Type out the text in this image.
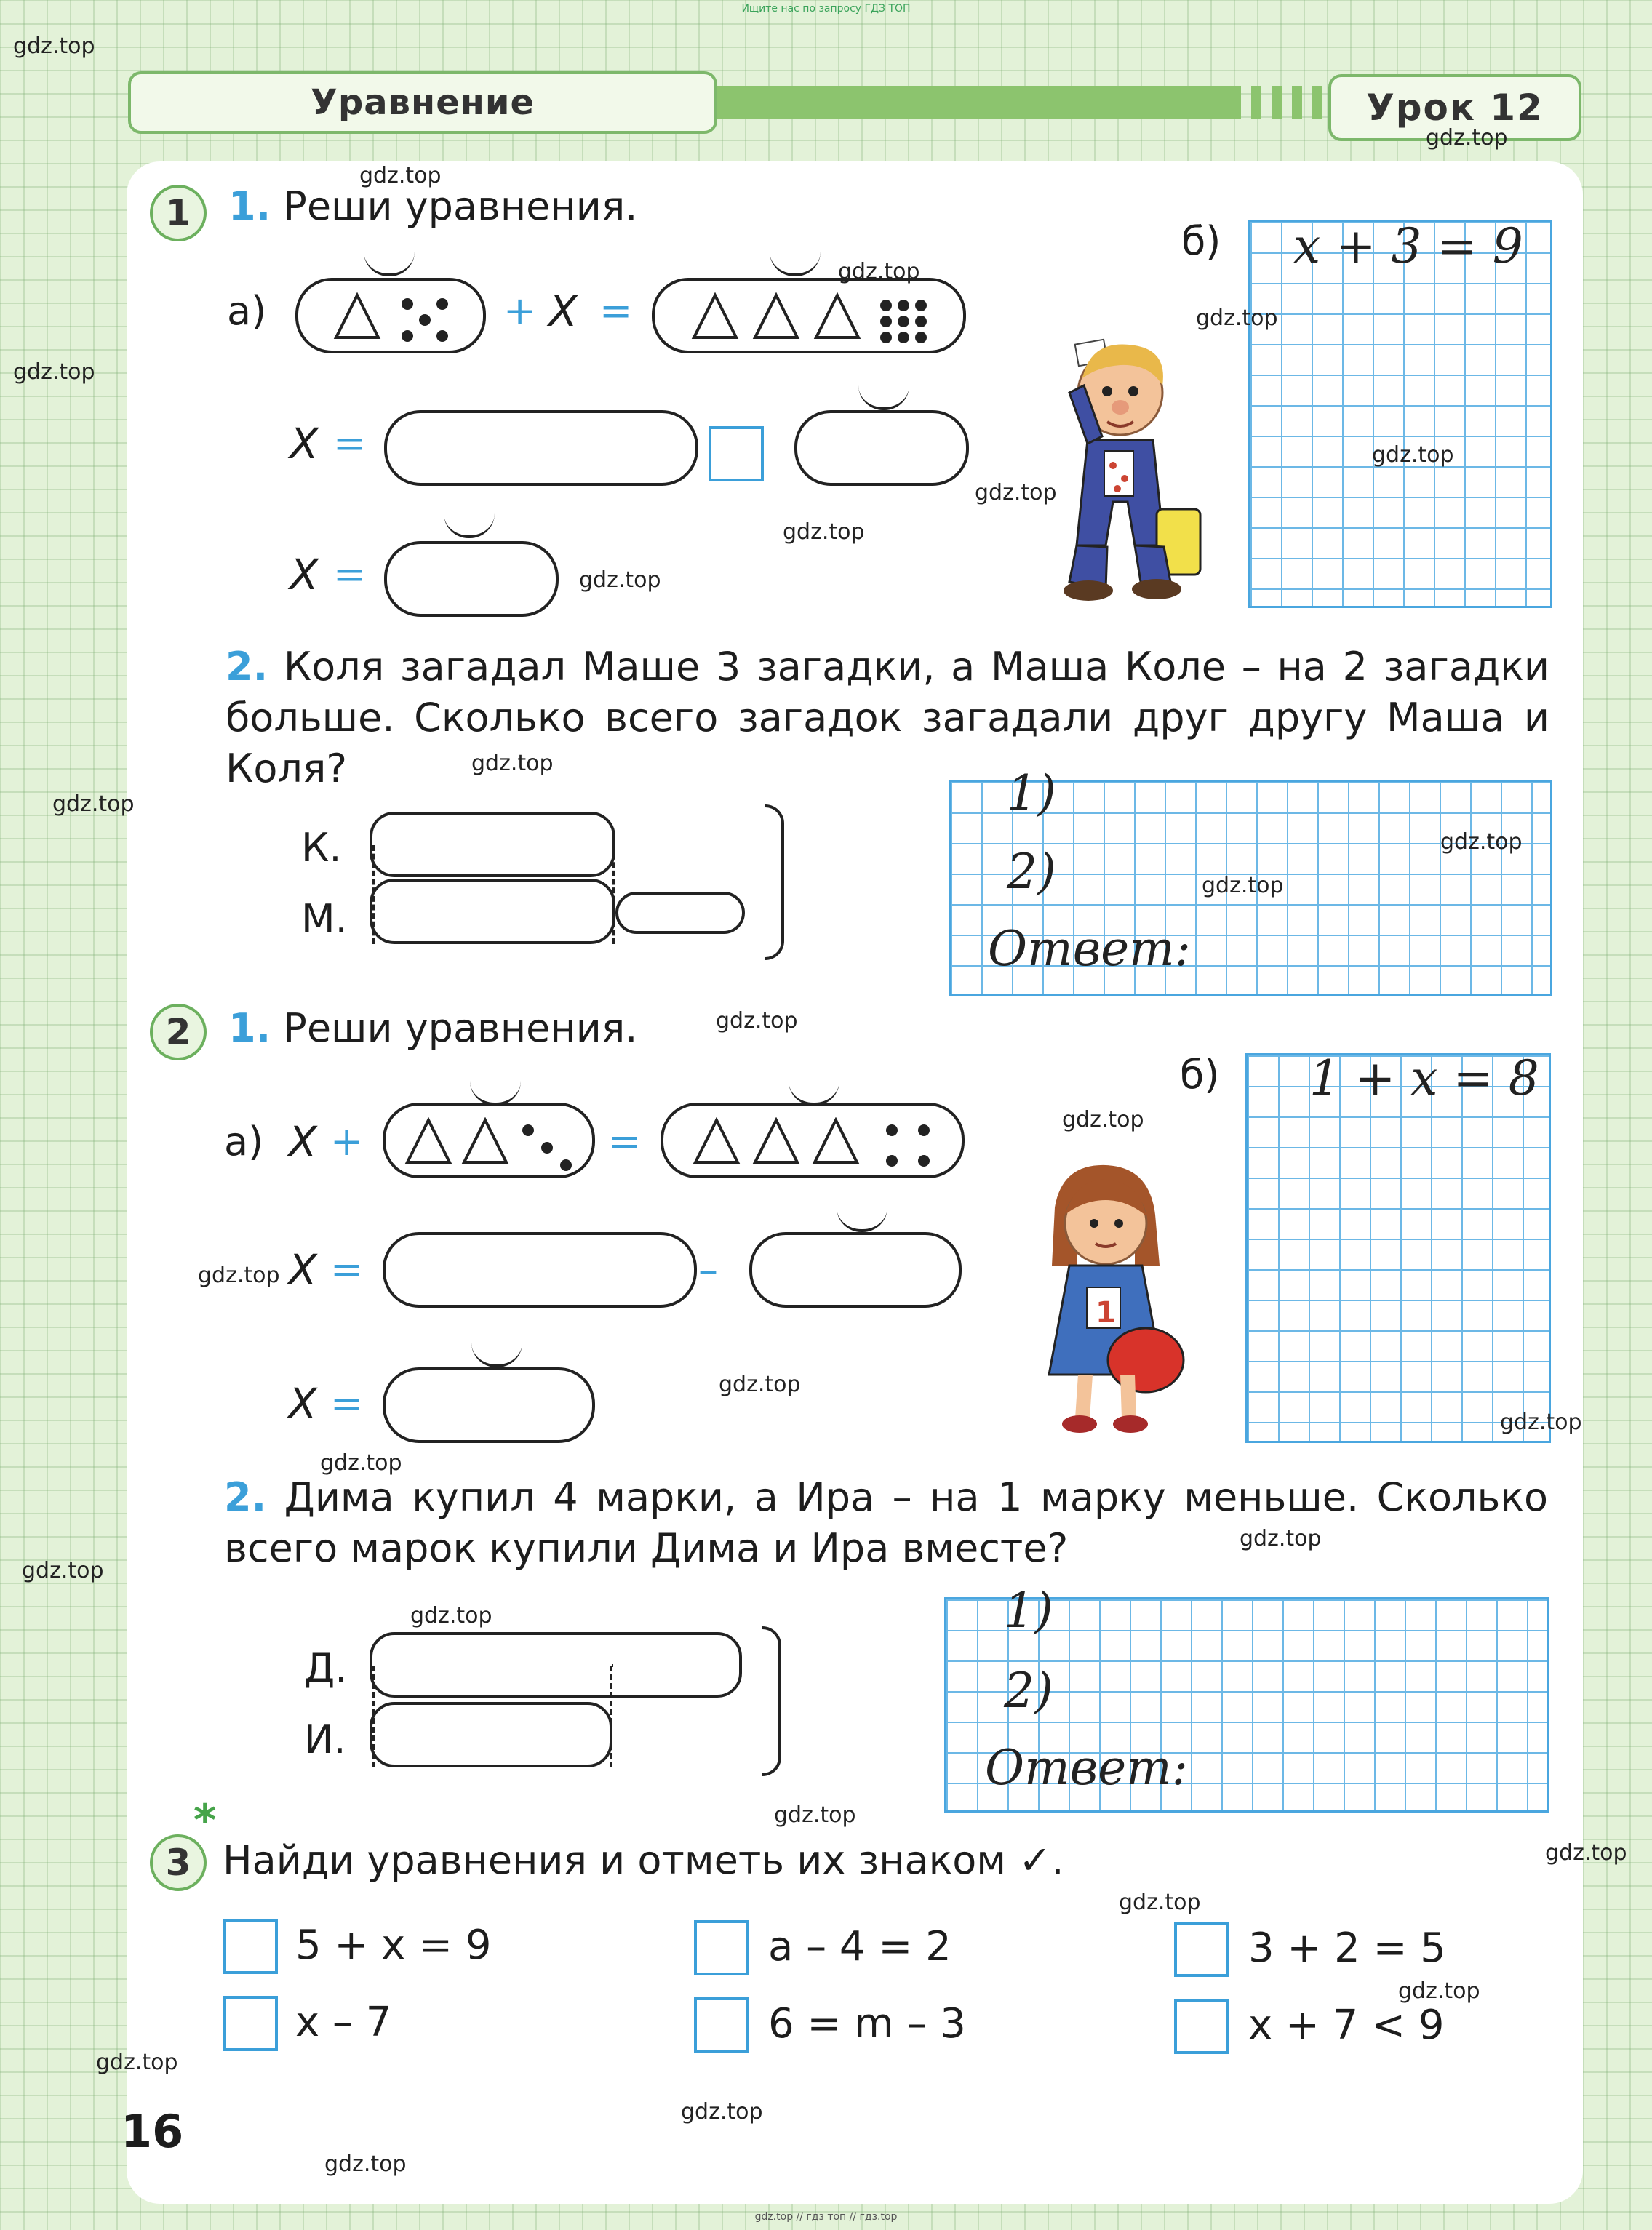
Ищите нас по запросу ГДЗ ТОП
Уравнение	Урок 12
1 1. Реши уравнения.
а)	+ X =
X =
X =
б) 𝑥 + 3 = 9
2. Коля загадал Маше 3 загадки, а Маша Коле – на 2 загадки больше. Сколько всего загадок загадали друг другу Маша и Коля?
К.
М.
1)
2)
Ответ:
2 1. Реши уравнения.
а) X +	=
X =	–
X =
1
б) 1 + 𝑥 = 8
2. Дима купил 4 марки, а Ира – на 1 марку меньше. Сколько всего марок купили Дима и Ира вместе?
Д.
И.
1)
2)
Ответ:
3
*
Найди уравнения и отметь их знаком ✓.
5 + x = 9	a – 4 = 2	3 + 2 = 5
x – 7	6 = m – 3	x + 7 < 9
16
gdz.top
gdz.top
gdz.top
gdz.top
gdz.top
gdz.top
gdz.top
gdz.top
gdz.top
gdz.top
gdz.top
gdz.top
gdz.top
gdz.top
gdz.top
gdz.top
gdz.top
gdz.top
gdz.top
gdz.top
gdz.top
gdz.top
gdz.top
gdz.top
gdz.top
gdz.top
gdz.top
gdz.top
gdz.top
gdz.top
gdz.top // гдз топ // гдз.top
